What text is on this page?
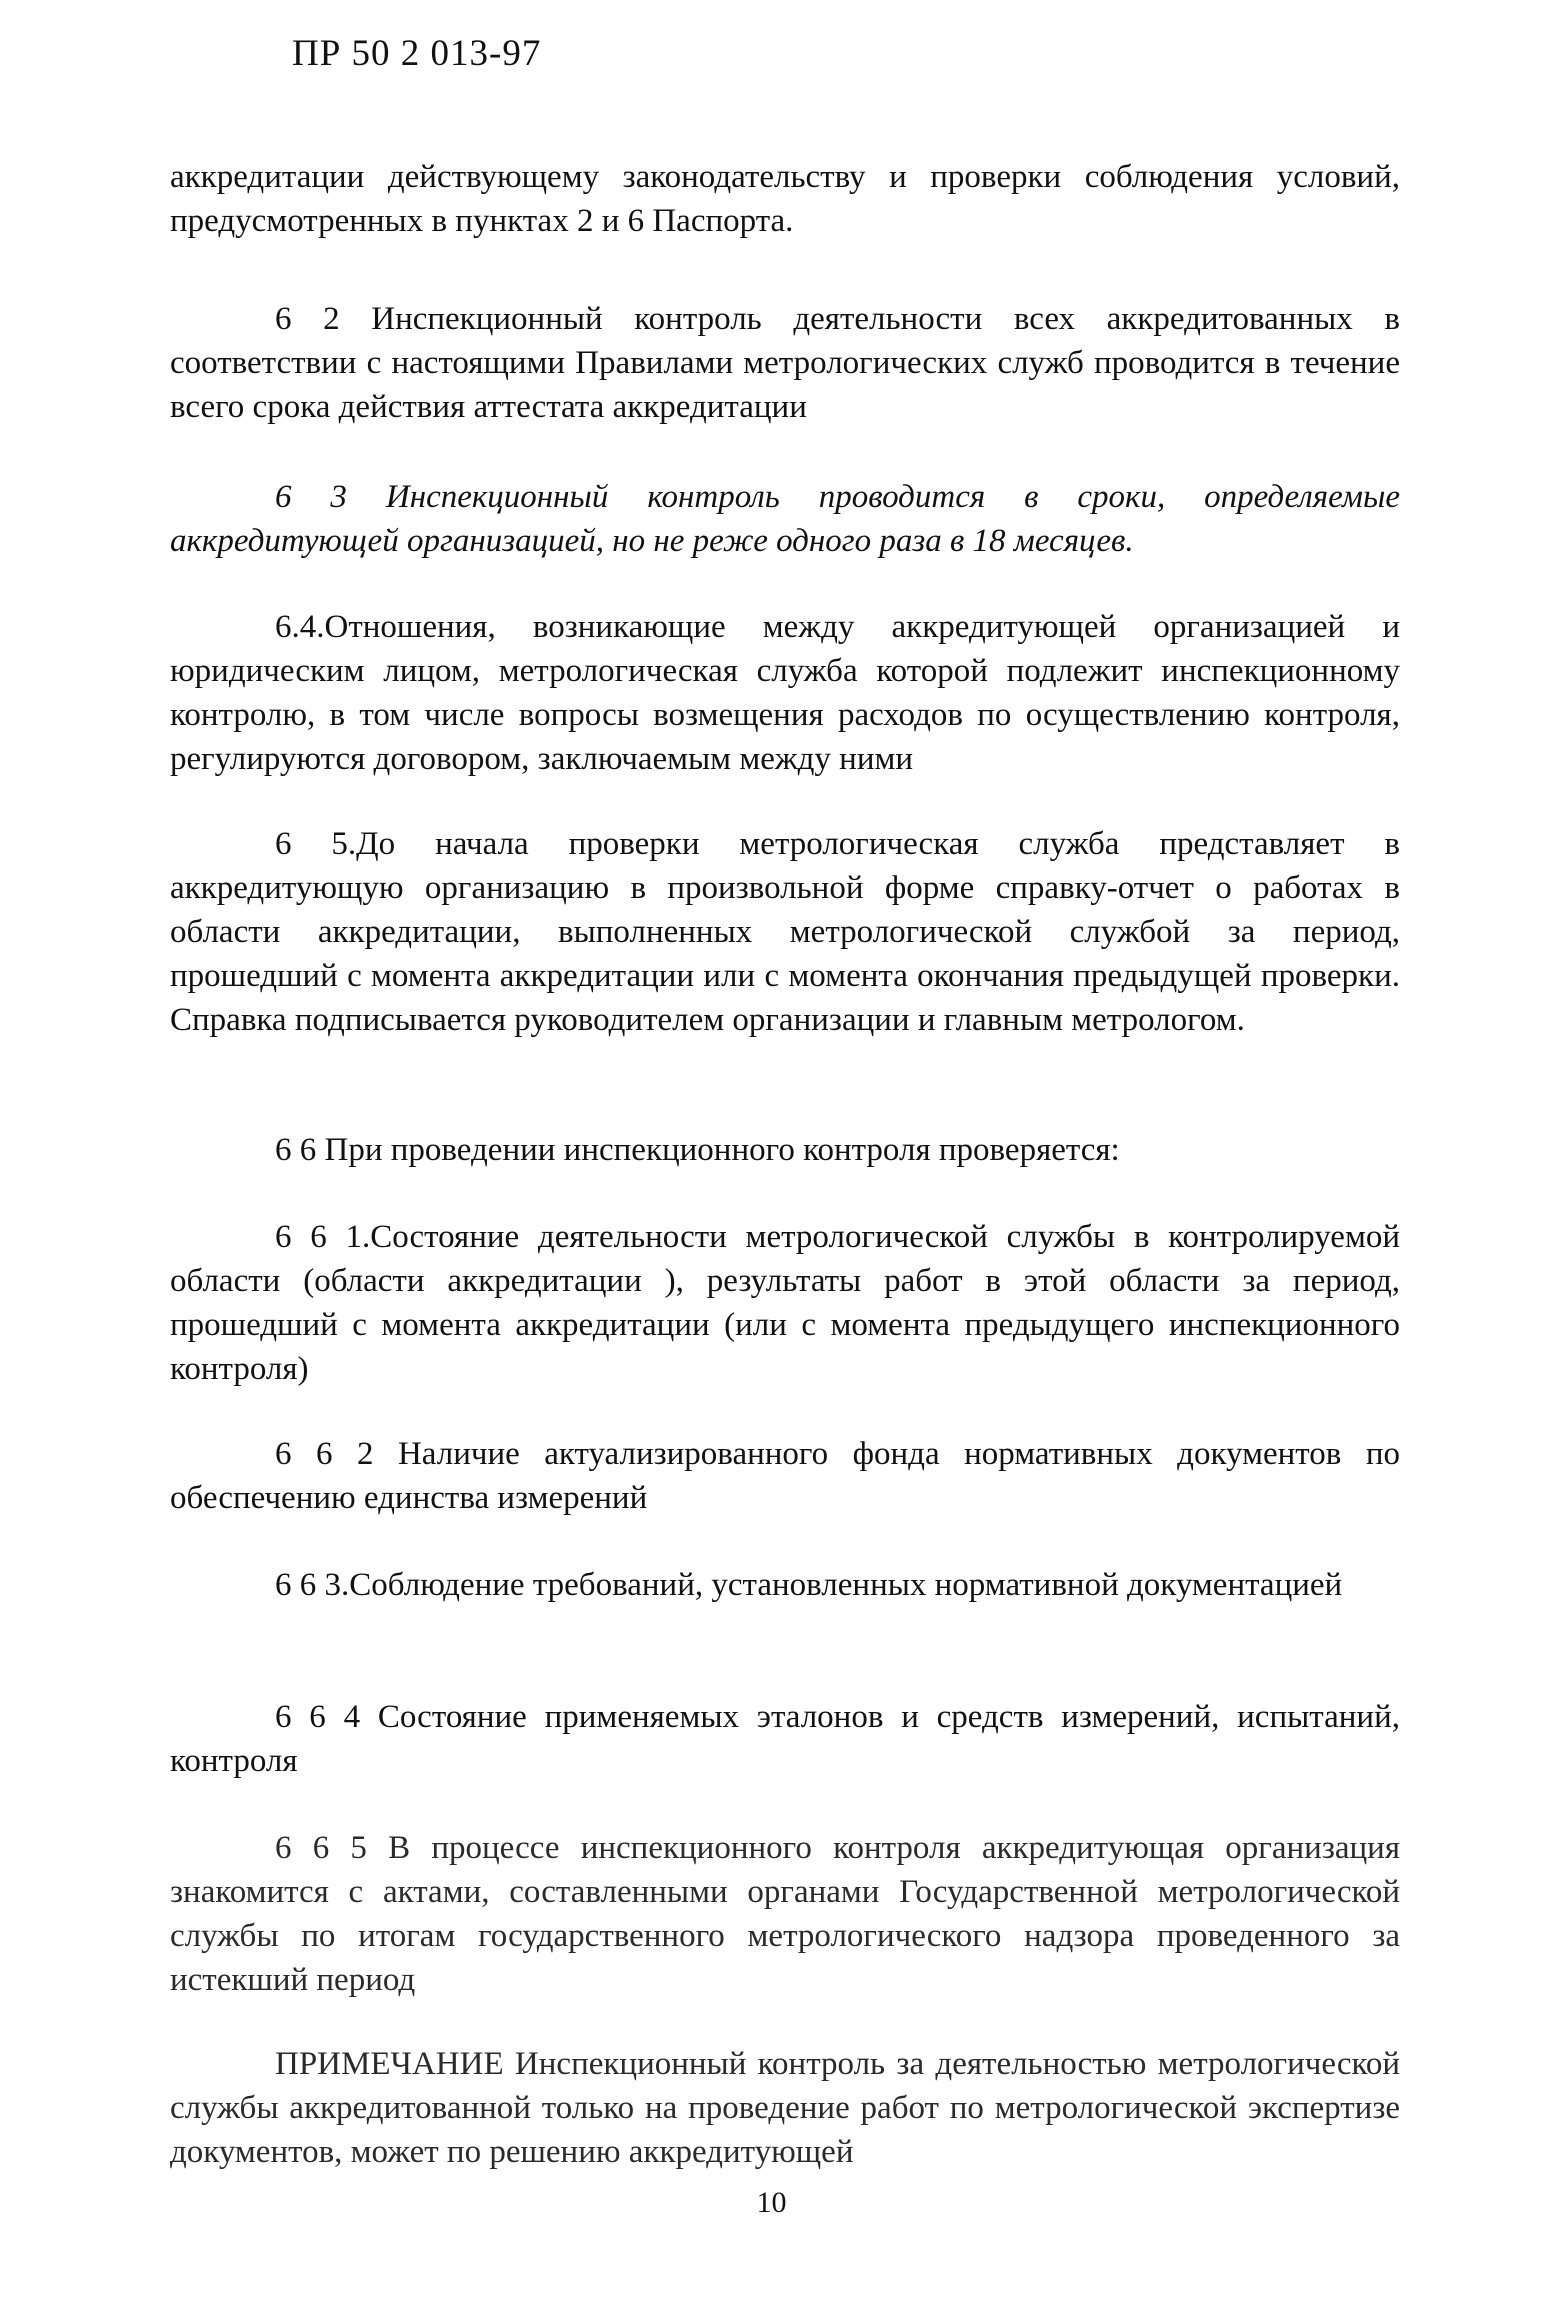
ПР 50 2 013-97

аккредитации действующему законодательству и проверки соблюдения условий, предусмотренных в пунктах 2 и 6 Паспорта.

6 2 Инспекционный контроль деятельности всех аккредитованных в соответствии с настоящими Правилами метрологических служб проводится в течение всего срока действия аттестата аккредитации

6 3 Инспекционный контроль проводится в сроки, определяемые аккредитующей организацией, но не реже одного раза в 18 месяцев.

6.4.Отношения, возникающие между аккредитующей организацией и юридическим лицом, метрологическая служба которой подлежит инспекционному контролю, в том числе вопросы возмещения расходов по осуществлению контроля, регулируются договором, заключаемым между ними

6 5.До начала проверки метрологическая служба представляет в аккредитующую организацию в произвольной форме справку-отчет о работах в области аккредитации, выполненных метрологической службой за период, прошедший с момента аккредитации или с момента окончания предыдущей проверки. Справка подписывается руководителем организации и главным метрологом.

6 6 При проведении инспекционного контроля проверяется:

6 6 1.Состояние деятельности метрологической службы в контролируемой области (области аккредитации ), результаты работ в этой области за период, прошедший с момента аккредитации (или с момента предыдущего инспекционного контроля)

6 6 2 Наличие актуализированного фонда нормативных документов по обеспечению единства измерений

6 6 3.Соблюдение требований, установленных нормативной документацией

6 6 4 Состояние применяемых эталонов и средств измерений, испытаний, контроля

6 6 5 В процессе инспекционного контроля аккредитующая организация знакомится с актами, составленными органами Государственной метрологической службы по итогам государственного метрологического надзора проведенного за истекший период

ПРИМЕЧАНИЕ Инспекционный контроль за деятельностью метрологической службы аккредитованной только на проведение работ по метрологической экспертизе документов, может по решению аккредитующей

10
